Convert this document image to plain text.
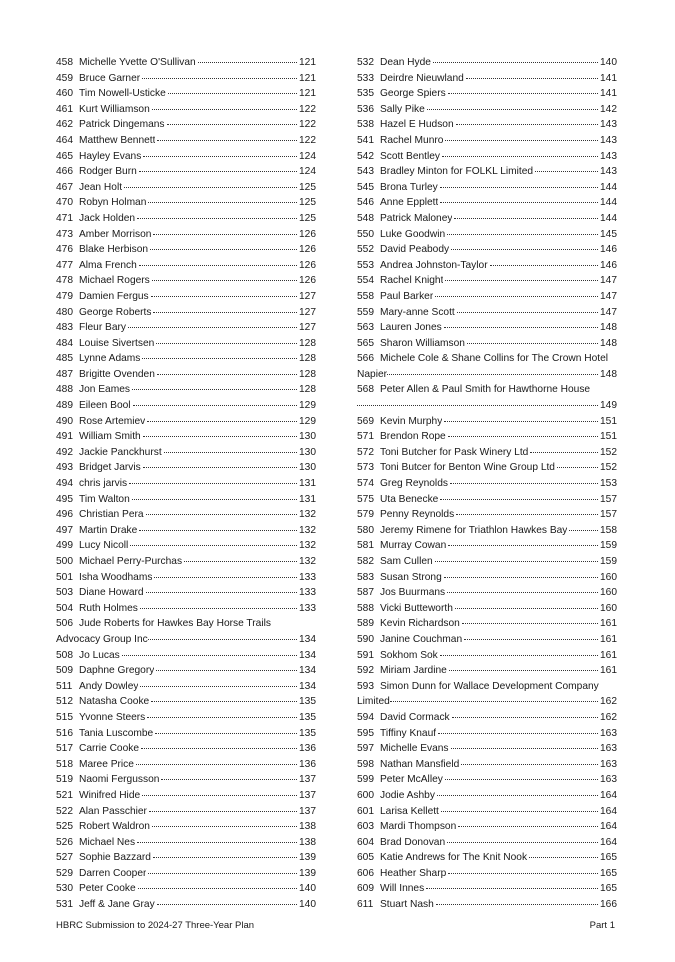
458 Michelle Yvette O'Sullivan	121
459 Bruce Garner	121
460 Tim Nowell-Usticke	121
461 Kurt Williamson	122
462 Patrick Dingemans	122
464 Matthew Bennett	122
465 Hayley Evans	124
466 Rodger Burn	124
467 Jean Holt	125
470 Robyn Holman	125
471 Jack Holden	125
473 Amber Morrison	126
476 Blake Herbison	126
477 Alma French	126
478 Michael Rogers	126
479 Damien Fergus	127
480 George Roberts	127
483 Fleur Bary	127
484 Louise Sivertsen	128
485 Lynne Adams	128
487 Brigitte Ovenden	128
488 Jon Eames	128
489 Eileen Bool	129
490 Rose Artemiev	129
491 William Smith	130
492 Jackie Panckhurst	130
493 Bridget Jarvis	130
494 chris jarvis	131
495 Tim Walton	131
496 Christian Pera	132
497 Martin Drake	132
499 Lucy Nicoll	132
500 Michael Perry-Purchas	132
501 Isha Woodhams	133
503 Diane Howard	133
504 Ruth Holmes	133
506 Jude Roberts for Hawkes Bay Horse Trails
Advocacy Group Inc	134
508 Jo Lucas	134
509 Daphne Gregory	134
511 Andy Dowley	134
512 Natasha Cooke	135
515 Yvonne Steers	135
516 Tania Luscombe	135
517 Carrie Cooke	136
518 Maree Price	136
519 Naomi Fergusson	137
521 Winifred Hide	137
522 Alan Passchier	137
525 Robert Waldron	138
526 Michael Nes	138
527 Sophie Bazzard	139
529 Darren Cooper	139
530 Peter Cooke	140
531 Jeff & Jane Gray	140
532 Dean Hyde	140
533 Deirdre Nieuwland	141
535 George Spiers	141
536 Sally Pike	142
538 Hazel E Hudson	143
541 Rachel Munro	143
542 Scott Bentley	143
543 Bradley Minton for FOLKL Limited	143
545 Brona Turley	144
546 Anne Epplett	144
548 Patrick Maloney	144
550 Luke Goodwin	145
552 David Peabody	146
553 Andrea Johnston-Taylor	146
554 Rachel Knight	147
558 Paul Barker	147
559 Mary-anne Scott	147
563 Lauren Jones	148
565 Sharon Williamson	148
566 Michele Cole & Shane Collins for The Crown Hotel
Napier	148
568 Peter Allen & Paul Smith for Hawthorne House
149
569 Kevin Murphy	151
571 Brendon Rope	151
572 Toni Butcher for Pask Winery Ltd	152
573 Toni Butcer for Benton Wine Group Ltd	152
574 Greg Reynolds	153
575 Uta Benecke	157
579 Penny Reynolds	157
580 Jeremy Rimene for Triathlon Hawkes Bay	158
581 Murray Cowan	159
582 Sam Cullen	159
583 Susan Strong	160
587 Jos Buurmans	160
588 Vicki Butteworth	160
589 Kevin Richardson	161
590 Janine Couchman	161
591 Sokhom Sok	161
592 Miriam Jardine	161
593 Simon Dunn for Wallace Development Company
Limited	162
594 David Cormack	162
595 Tiffiny Knauf	163
597 Michelle Evans	163
598 Nathan Mansfield	163
599 Peter McAlley	163
600 Jodie Ashby	164
601 Larisa Kellett	164
603 Mardi Thompson	164
604 Brad Donovan	164
605 Katie Andrews for The Knit Nook	165
606 Heather Sharp	165
609 Will Innes	165
611 Stuart Nash	166
HBRC Submission to 2024-27 Three-Year Plan	Part 1
